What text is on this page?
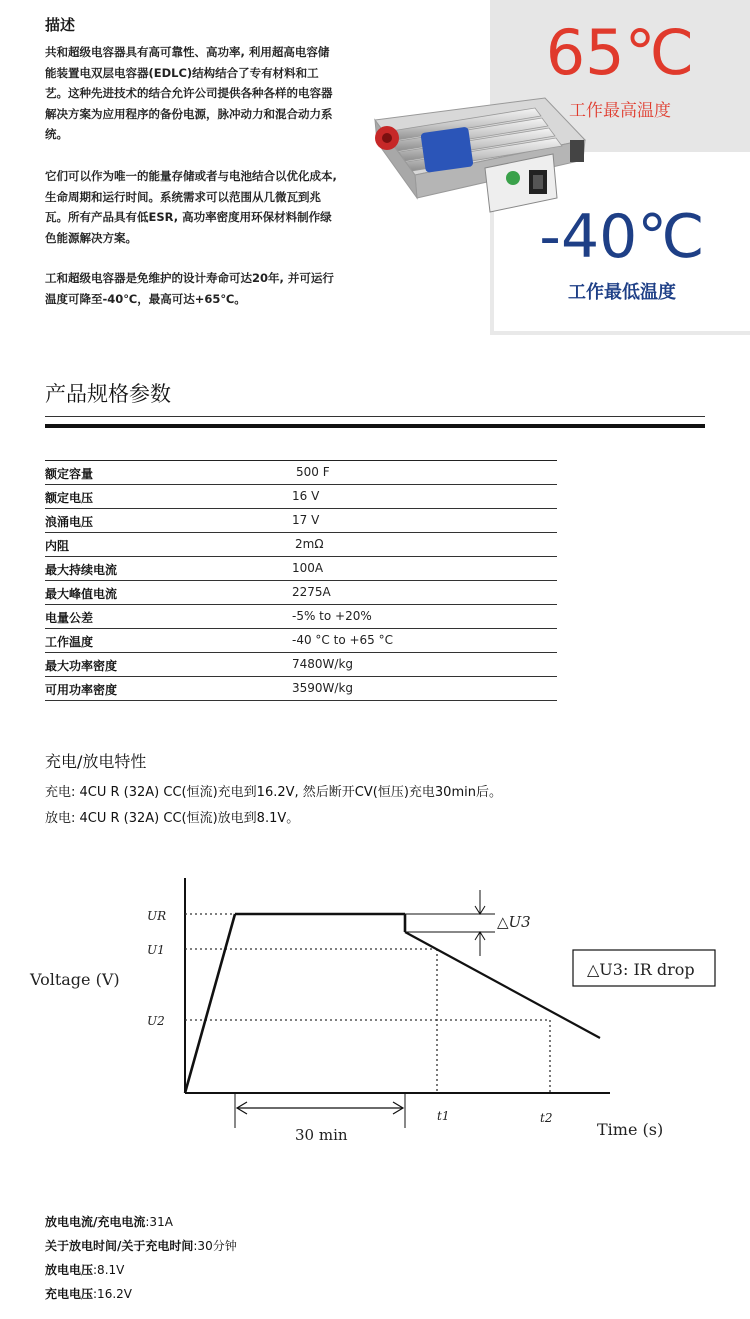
描述

共和超级电容器具有高可靠性、高功率, 利用超高电容储能装置电双层电容器(EDLC)结构结合了专有材料和工艺。这种先进技术的结合允许公司提供各种各样的电容器解决方案为应用程序的备份电源，脉冲动力和混合动力系统。

它们可以作为唯一的能量存储或者与电池结合以优化成本, 生命周期和运行时间。系统需求可以范围从几微瓦到兆瓦。所有产品具有低ESR, 高功率密度用环保材料制作绿色能源解决方案。

工和超级电容器是免维护的设计寿命可达20年, 并可运行温度可降至-40℃，最高可达+65℃。

65℃
工作最高温度
-40℃
工作最低温度
产品规格参数
额定容量	500 F
额定电压	16 V
浪涌电压	17 V
内阻	2mΩ
最大持续电流	100A
最大峰值电流	2275A
电量公差	-5% to +20%
工作温度	-40 °C to +65 °C
最大功率密度	7480W/kg
可用功率密度	3590W/kg
充电/放电特性
充电: 4CU R (32A) CC(恒流)充电到16.2V, 然后断开CV(恒压)充电30min后。
放电: 4CU R (32A) CC(恒流)放电到8.1V。
Voltage (V)
Time (s)
UR
U1
U2
t1	t2
30 min
△U3
△U3: IR drop
放电电流/充电电流:31A
关于放电时间/关于充电时间:30分钟
放电电压:8.1V
充电电压:16.2V
